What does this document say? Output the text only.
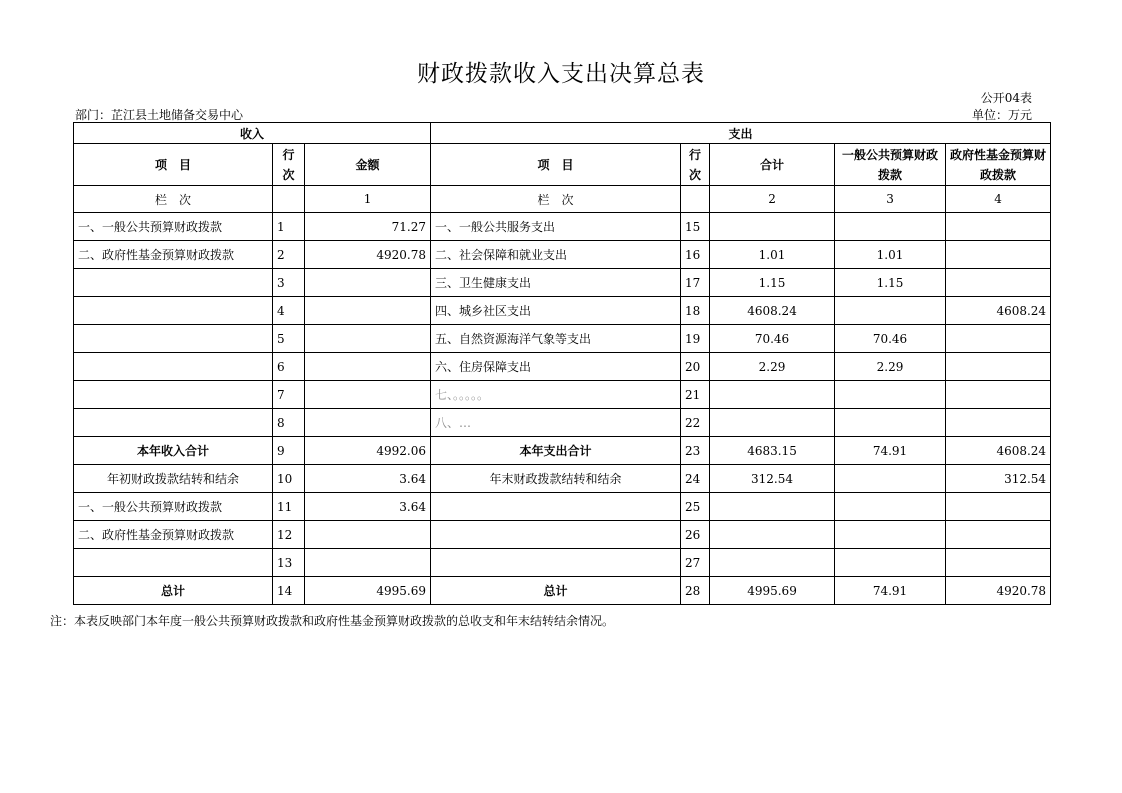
财政拨款收入支出决算总表
公开04表
部门：芷江县土地储备交易中心	单位：万元
收入			支出				
项　目	行次	金额	项　目	行次	合计	一般公共预算财政拨款	政府性基金预算财政拨款
栏　次		1	栏　次		2	3	4
一、一般公共预算财政拨款	1	71.27	一、一般公共服务支出	15			
二、政府性基金预算财政拨款	2	4920.78	二、社会保障和就业支出	16	1.01	1.01	
	3		三、卫生健康支出	17	1.15	1.15	
	4		四、城乡社区支出	18	4608.24		4608.24
	5		五、自然资源海洋气象等支出	19	70.46	70.46	
	6		六、住房保障支出	20	2.29	2.29	
	7		七、。。。。。	21			
	8		八、…	22			
本年收入合计	9	4992.06	本年支出合计	23	4683.15	74.91	4608.24
年初财政拨款结转和结余	10	3.64	年末财政拨款结转和结余	24	312.54		312.54
一、一般公共预算财政拨款	11	3.64		25			
二、政府性基金预算财政拨款	12			26			
	13			27			
总计	14	4995.69	总计	28	4995.69	74.91	4920.78
注：本表反映部门本年度一般公共预算财政拨款和政府性基金预算财政拨款的总收支和年末结转结余情况。
